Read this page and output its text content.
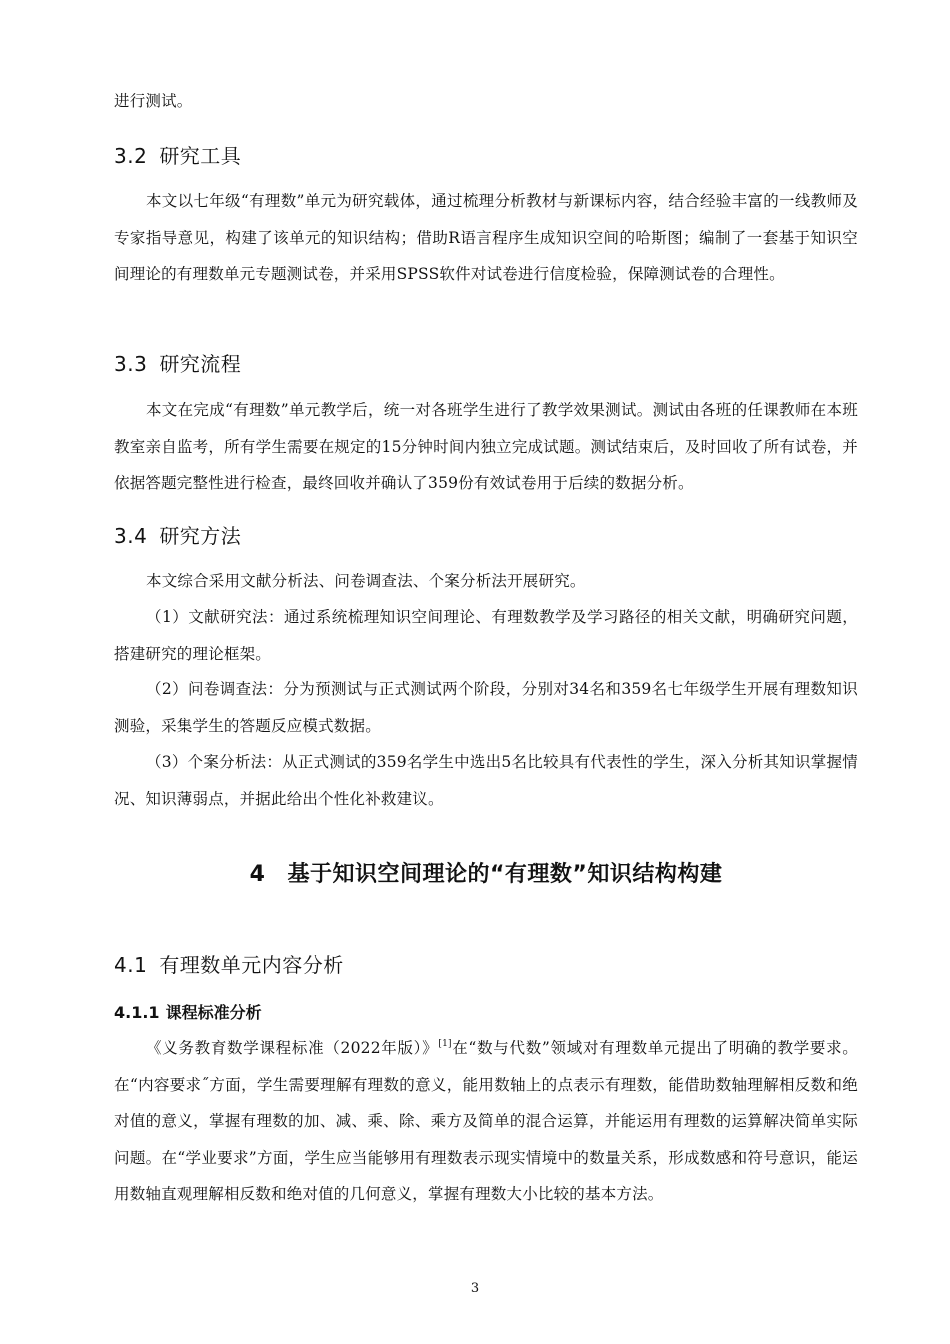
进行测试。

3.2 研究工具

本文以七年级“有理数”单元为研究载体，通过梳理分析教材与新课标内容，结合经验丰富的一线教师及专家指导意见，构建了该单元的知识结构；借助R语言程序生成知识空间的哈斯图；编制了一套基于知识空间理论的有理数单元专题测试卷，并采用SPSS软件对试卷进行信度检验，保障测试卷的合理性。

3.3 研究流程

本文在完成“有理数”单元教学后，统一对各班学生进行了教学效果测试。测试由各班的任课教师在本班教室亲自监考，所有学生需要在规定的15分钟时间内独立完成试题。测试结束后，及时回收了所有试卷，并依据答题完整性进行检查，最终回收并确认了359份有效试卷用于后续的数据分析。

3.4 研究方法

本文综合采用文献分析法、问卷调查法、个案分析法开展研究。

（1）文献研究法：通过系统梳理知识空间理论、有理数教学及学习路径的相关文献，明确研究问题，搭建研究的理论框架。

（2）问卷调查法：分为预测试与正式测试两个阶段，分别对34名和359名七年级学生开展有理数知识测验，采集学生的答题反应模式数据。

（3）个案分析法：从正式测试的359名学生中选出5名比较具有代表性的学生，深入分析其知识掌握情况、知识薄弱点，并据此给出个性化补救建议。

4 基于知识空间理论的“有理数”知识结构构建
4.1 有理数单元内容分析
4.1.1 课程标准分析

《义务教育数学课程标准（2022年版）》[1]在“数与代数”领域对有理数单元提出了明确的教学要求。在“内容要求˝方面，学生需要理解有理数的意义，能用数轴上的点表示有理数，能借助数轴理解相反数和绝对值的意义，掌握有理数的加、减、乘、除、乘方及简单的混合运算，并能运用有理数的运算解决简单实际问题。在“学业要求”方面，学生应当能够用有理数表示现实情境中的数量关系，形成数感和符号意识，能运用数轴直观理解相反数和绝对值的几何意义，掌握有理数大小比较的基本方法。

3
